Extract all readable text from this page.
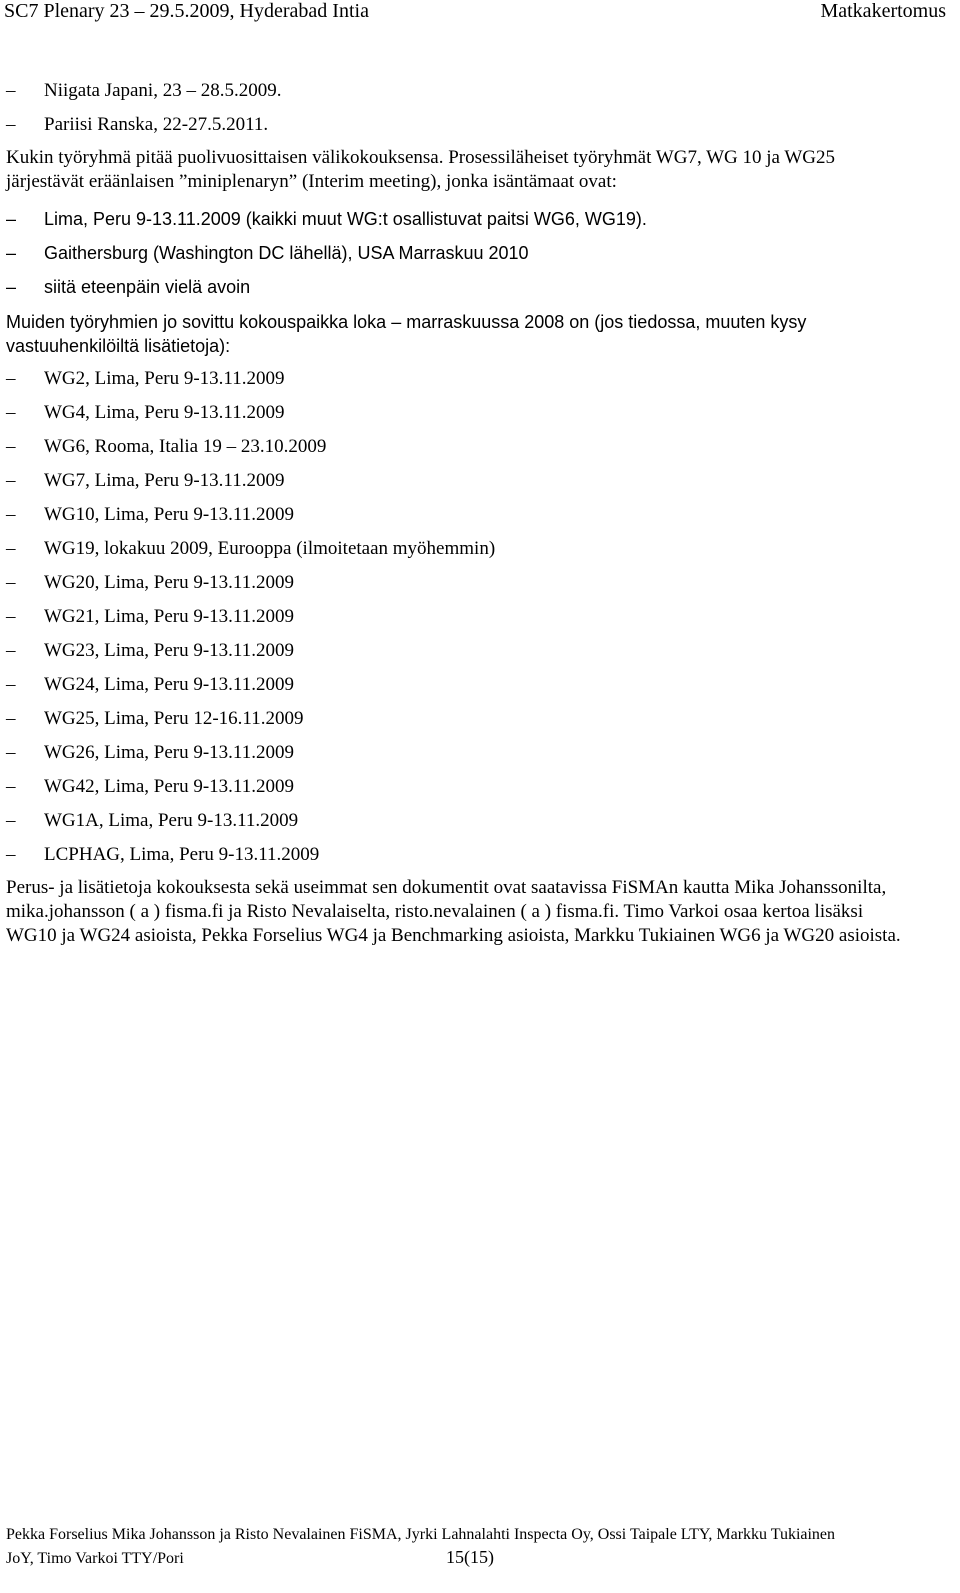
SC7 Plenary 23 – 29.5.2009, Hyderabad Intia	Matkakertomus
– Niigata Japani, 23 – 28.5.2009.
– Pariisi Ranska, 22-27.5.2011.
Kukin työryhmä pitää puolivuosittaisen välikokouksensa. Prosessiläheiset työryhmät WG7, WG 10 ja WG25 järjestävät eräänlaisen ”miniplenaryn” (Interim meeting), jonka isäntämaat ovat:
– Lima, Peru 9-13.11.2009 (kaikki muut WG:t osallistuvat paitsi WG6, WG19).
– Gaithersburg (Washington DC lähellä), USA Marraskuu 2010
– siitä eteenpäin vielä avoin
Muiden työryhmien jo sovittu kokouspaikka loka – marraskuussa 2008 on (jos tiedossa, muuten kysy vastuuhenkilöiltä lisätietoja):
– WG2, Lima, Peru 9-13.11.2009
– WG4, Lima, Peru 9-13.11.2009
– WG6, Rooma, Italia 19 – 23.10.2009
– WG7, Lima, Peru 9-13.11.2009
– WG10, Lima, Peru 9-13.11.2009
– WG19, lokakuu 2009, Eurooppa (ilmoitetaan myöhemmin)
– WG20, Lima, Peru 9-13.11.2009
– WG21, Lima, Peru 9-13.11.2009
– WG23, Lima, Peru 9-13.11.2009
– WG24, Lima, Peru 9-13.11.2009
– WG25, Lima, Peru 12-16.11.2009
– WG26, Lima, Peru 9-13.11.2009
– WG42, Lima, Peru 9-13.11.2009
– WG1A, Lima, Peru 9-13.11.2009
– LCPHAG, Lima, Peru 9-13.11.2009
Perus- ja lisätietoja kokouksesta sekä useimmat sen dokumentit ovat saatavissa FiSMAn kautta Mika Johanssonilta, mika.johansson ( a ) fisma.fi ja Risto Nevalaiselta, risto.nevalainen ( a ) fisma.fi. Timo Varkoi osaa kertoa lisäksi WG10 ja WG24 asioista, Pekka Forselius WG4 ja Benchmarking asioista, Markku Tukiainen WG6 ja WG20 asioista.
Pekka Forselius Mika Johansson ja Risto Nevalainen FiSMA, Jyrki Lahnalahti Inspecta Oy, Ossi Taipale LTY, Markku Tukiainen
JoY, Timo Varkoi TTY/Pori	15(15)
